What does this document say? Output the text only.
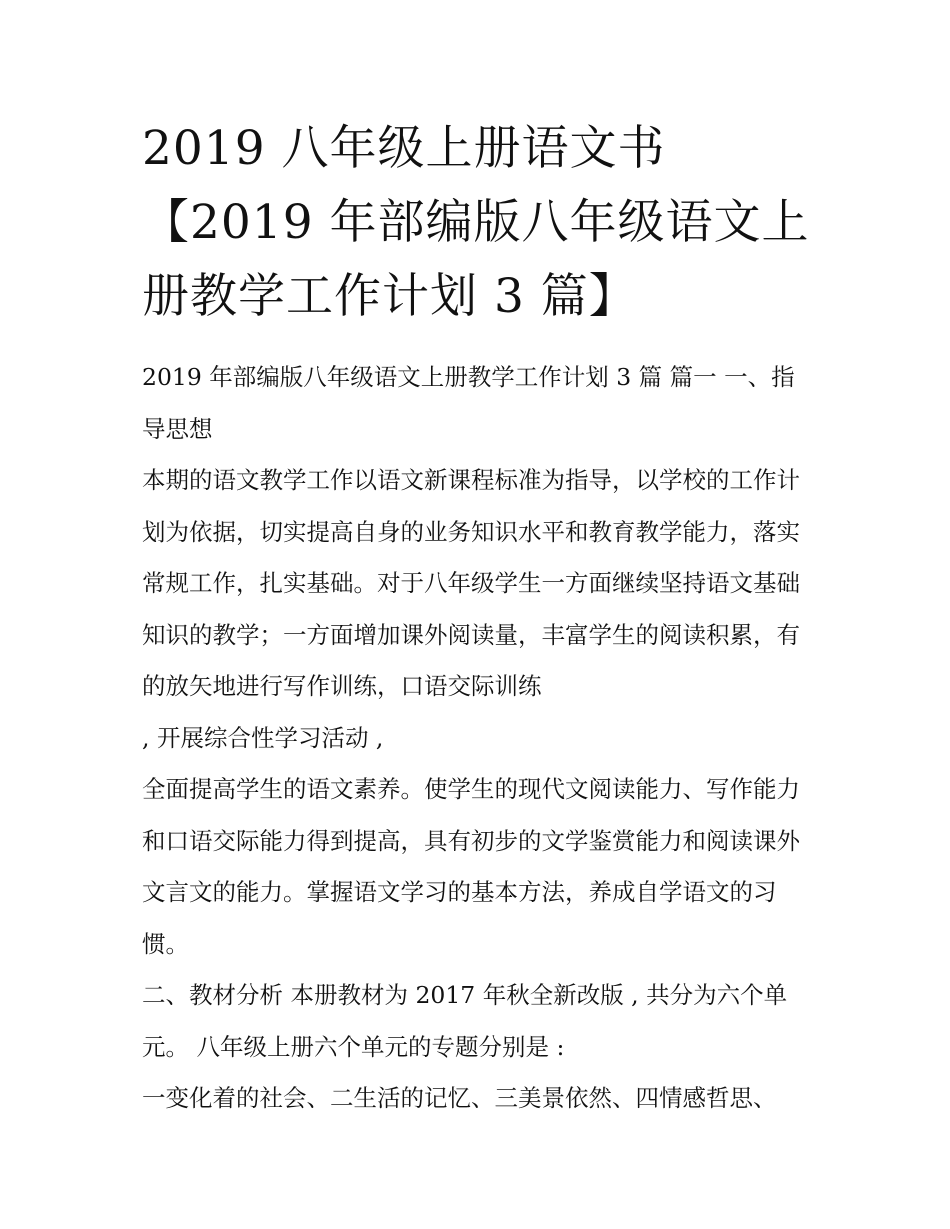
2019 八年级上册语文书【2019 年部编版八年级语文上册教学工作计划 3 篇】

2019 年部编版八年级语文上册教学工作计划 3 篇 篇一 一、指导思想

本期的语文教学工作以语文新课程标准为指导，以学校的工作计划为依据，切实提高自身的业务知识水平和教育教学能力，落实常规工作，扎实基础。对于八年级学生一方面继续坚持语文基础知识的教学；一方面增加课外阅读量，丰富学生的阅读积累，有的放矢地进行写作训练，口语交际训练

, 开展综合性学习活动 ,

全面提高学生的语文素养。使学生的现代文阅读能力、写作能力和口语交际能力得到提高，具有初步的文学鉴赏能力和阅读课外文言文的能力。掌握语文学习的基本方法，养成自学语文的习惯。

二、教材分析 本册教材为 2017 年秋全新改版 , 共分为六个单元。 八年级上册六个单元的专题分别是 :

一变化着的社会、二生活的记忆、三美景依然、四情感哲思、
